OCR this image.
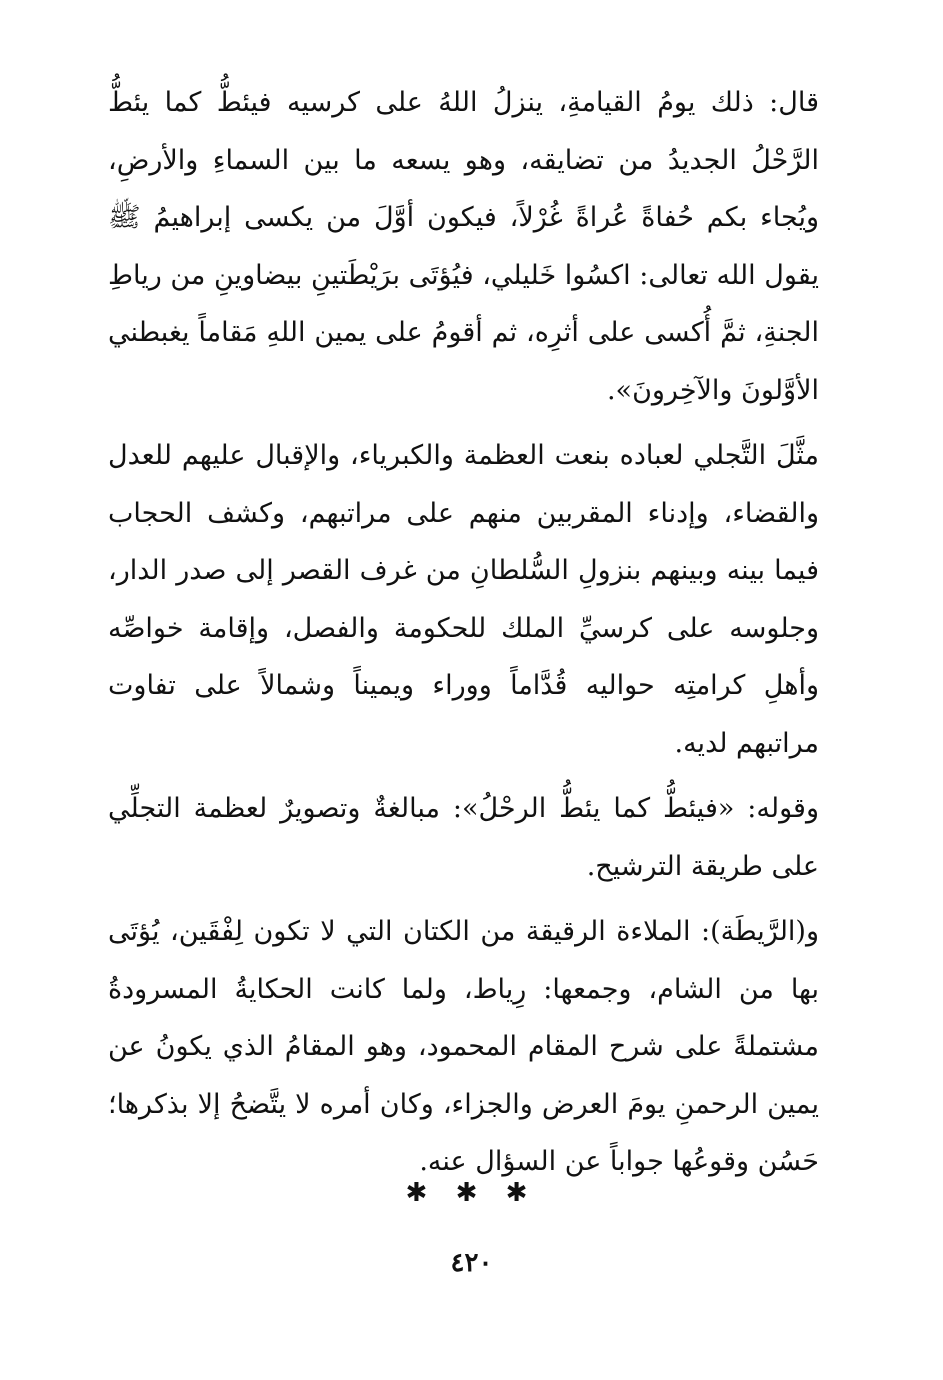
قال: ذلك يومُ القيامةِ، ينزلُ اللهُ على كرسيه فيئطُّ كما يئطُّ الرَّحْلُ الجديدُ من تضايقه، وهو يسعه ما بين السماءِ والأرضِ، ويُجاء بكم حُفاةً عُراةً غُرْلاً، فيكون أوَّلَ من يكسى إبراهيمُ ﷺ يقول الله تعالى: اكسُوا خَليلي، فيُؤتَى برَيْطَتينِ بيضاوينِ من رياطِ الجنةِ، ثمَّ أُكسى على أثرِه، ثم أقومُ على يمين اللهِ مَقاماً يغبطني الأوَّلونَ والآخِرونَ».

مثَّلَ التَّجلي لعباده بنعت العظمة والكبرياء، والإقبال عليهم للعدل والقضاء، وإدناء المقربين منهم على مراتبهم، وكشف الحجاب فيما بينه وبينهم بنزولِ السُّلطانِ من غرف القصر إلى صدر الدار، وجلوسه على كرسيِّ الملك للحكومة والفصل، وإقامة خواصِّه وأهلِ كرامتِه حواليه قُدَّاماً ووراء ويميناً وشمالاً على تفاوت مراتبهم لديه.

وقوله: «فيئطُّ كما يئطُّ الرحْلُ»: مبالغةٌ وتصويرٌ لعظمة التجلِّي على طريقة الترشيح.

و(الرَّيطَة): الملاءة الرقيقة من الكتان التي لا تكون لِفْقَين، يُؤتَى بها من الشام، وجمعها: رِياط، ولما كانت الحكايةُ المسرودةُ مشتملةً على شرح المقام المحمود، وهو المقامُ الذي يكونُ عن يمين الرحمنِ يومَ العرض والجزاء، وكان أمره لا يتَّضحُ إلا بذكرها؛ حَسُن وقوعُها جواباً عن السؤال عنه.

✱ ✱ ✱
٤٢٠
